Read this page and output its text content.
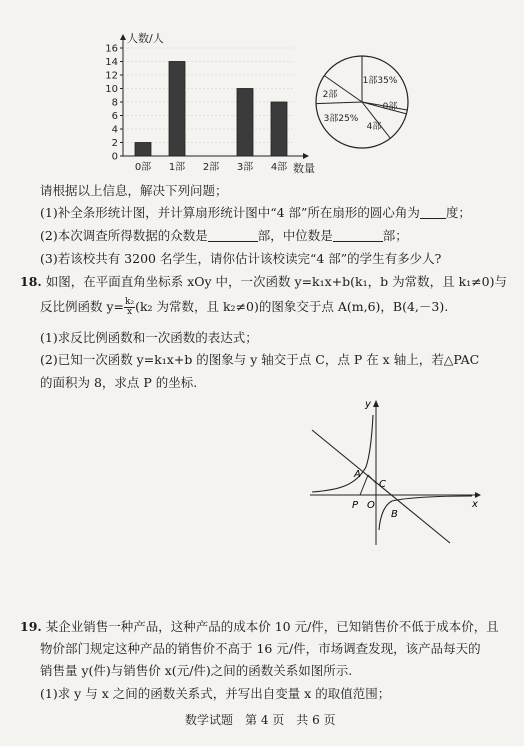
16
14
12
10
8
6
4
2
0
人数/人
0部 1部 2部 3部 4部 数量
1部35%
2部
3部25%
4部
0部
请根据以上信息，解决下列问题；
(1)补全条形统计图，并计算扇形统计图中“4 部”所在扇形的圆心角为 度；
(2)本次调查所得数据的众数是	部，中位数是	部；
(3)若该校共有 3200 名学生，请你估计该校读完“4 部”的学生有多少人?
18. 如图，在平面直角坐标系 xOy 中，一次函数 y=k₁x+b(k₁，b 为常数，且 k₁≠0)与
反比例函数 $y= \frac{\text{k₂}}{x} (k_2$ 为常数，且 k₂≠0)的图象交于点 A(m,6)，B(4,－3).
(1)求反比例函数和一次函数的表达式；
(2)已知一次函数 y=k₁x+b 的图象与 y 轴交于点 C，点 P 在 x 轴上，若△PAC
的面积为 8，求点 P 的坐标.
y
x
A
C
P O
B
19. 某企业销售一种产品，这种产品的成本价 10 元/件，已知销售价不低于成本价，且
物价部门规定这种产品的销售价不高于 16 元/件，市场调查发现，该产品每天的
销售量 y(件)与销售价 x(元/件)之间的函数关系如图所示.
(1)求 y 与 x 之间的函数关系式，并写出自变量 x 的取值范围；
数学试题　第 4 页　共 6 页
